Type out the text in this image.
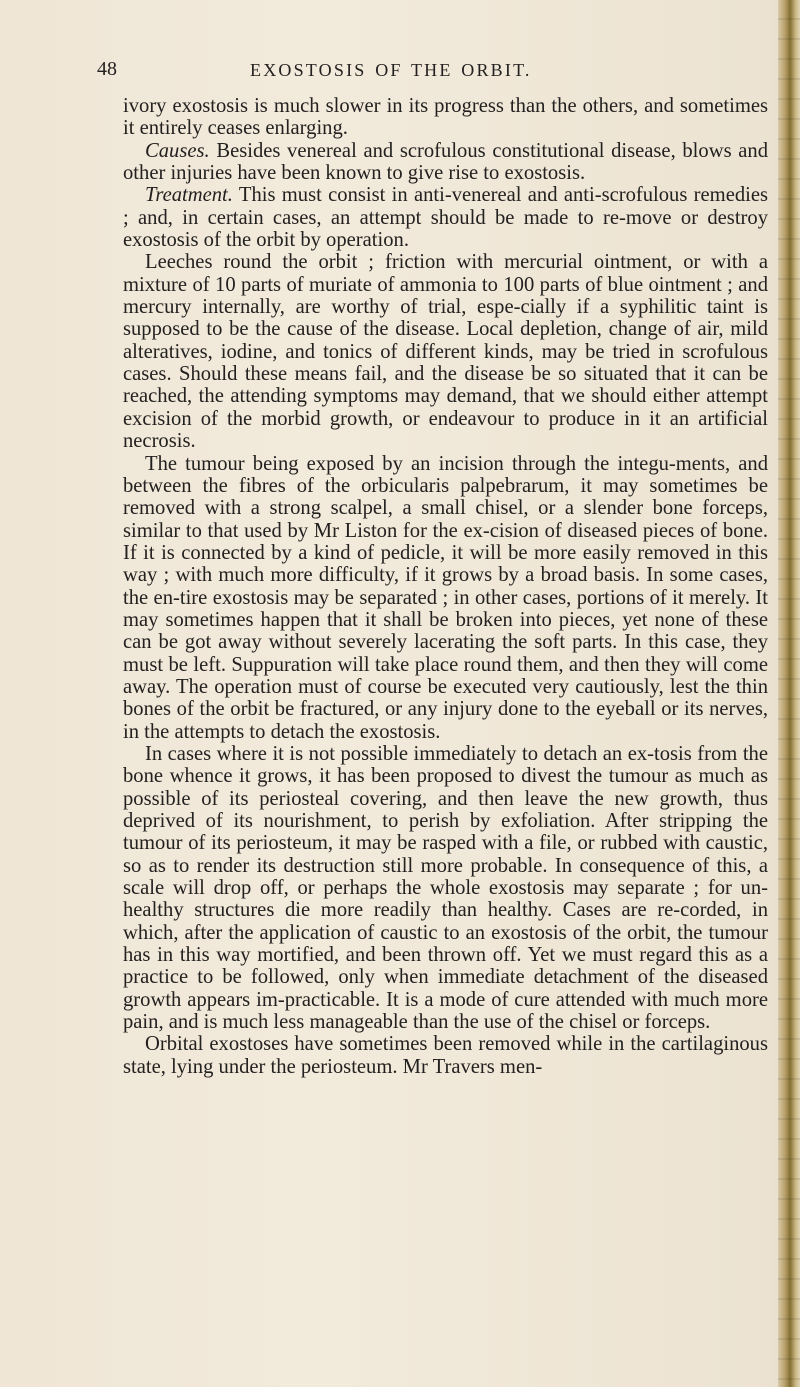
48	EXOSTOSIS OF THE ORBIT.

ivory exostosis is much slower in its progress than the others, and sometimes it entirely ceases enlarging.

Causes. Besides venereal and scrofulous constitutional disease, blows and other injuries have been known to give rise to exostosis.

Treatment. This must consist in anti-venereal and anti-scrofulous remedies ; and, in certain cases, an attempt should be made to re-move or destroy exostosis of the orbit by operation.

Leeches round the orbit ; friction with mercurial ointment, or with a mixture of 10 parts of muriate of ammonia to 100 parts of blue ointment ; and mercury internally, are worthy of trial, espe-cially if a syphilitic taint is supposed to be the cause of the disease. Local depletion, change of air, mild alteratives, iodine, and tonics of different kinds, may be tried in scrofulous cases. Should these means fail, and the disease be so situated that it can be reached, the attending symptoms may demand, that we should either attempt excision of the morbid growth, or endeavour to produce in it an artificial necrosis.

The tumour being exposed by an incision through the integu-ments, and between the fibres of the orbicularis palpebrarum, it may sometimes be removed with a strong scalpel, a small chisel, or a slender bone forceps, similar to that used by Mr Liston for the ex-cision of diseased pieces of bone. If it is connected by a kind of pedicle, it will be more easily removed in this way ; with much more difficulty, if it grows by a broad basis. In some cases, the en-tire exostosis may be separated ; in other cases, portions of it merely. It may sometimes happen that it shall be broken into pieces, yet none of these can be got away without severely lacerating the soft parts. In this case, they must be left. Suppuration will take place round them, and then they will come away. The operation must of course be executed very cautiously, lest the thin bones of the orbit be fractured, or any injury done to the eyeball or its nerves, in the attempts to detach the exostosis.

In cases where it is not possible immediately to detach an ex-tosis from the bone whence it grows, it has been proposed to divest the tumour as much as possible of its periosteal covering, and then leave the new growth, thus deprived of its nourishment, to perish by exfoliation. After stripping the tumour of its periosteum, it may be rasped with a file, or rubbed with caustic, so as to render its destruction still more probable. In consequence of this, a scale will drop off, or perhaps the whole exostosis may separate ; for un-healthy structures die more readily than healthy. Cases are re-corded, in which, after the application of caustic to an exostosis of the orbit, the tumour has in this way mortified, and been thrown off. Yet we must regard this as a practice to be followed, only when immediate detachment of the diseased growth appears im-practicable. It is a mode of cure attended with much more pain, and is much less manageable than the use of the chisel or forceps.

Orbital exostoses have sometimes been removed while in the cartilaginous state, lying under the periosteum. Mr Travers men-
